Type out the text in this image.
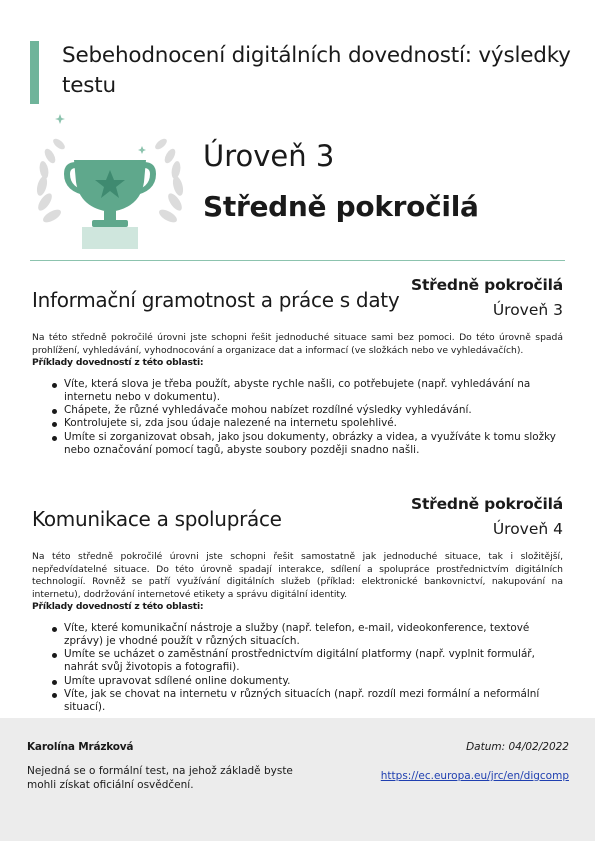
Sebehodnocení digitálních dovedností: výsledky testu
Úroveň 3
Středně pokročilá
Informační gramotnost a práce s daty
Středně pokročilá
Úroveň 3

Na této středně pokročilé úrovni jste schopni řešit jednoduché situace sami bez pomoci. Do této úrovně spadá prohlížení, vyhledávání, vyhodnocování a organizace dat a informací (ve složkách nebo ve vyhledávačích).

Příklady dovedností z této oblasti:

Víte, která slova je třeba použít, abyste rychle našli, co potřebujete (např. vyhledávání na internetu nebo v dokumentu).
Chápete, že různé vyhledávače mohou nabízet rozdílné výsledky vyhledávání.
Kontrolujete si, zda jsou údaje nalezené na internetu spolehlivé.
Umíte si zorganizovat obsah, jako jsou dokumenty, obrázky a videa, a využíváte k tomu složky nebo označování pomocí tagů, abyste soubory později snadno našli.
Komunikace a spolupráce
Středně pokročilá
Úroveň 4

Na této středně pokročilé úrovni jste schopni řešit samostatně jak jednoduché situace, tak i složitější, nepředvídatelné situace. Do této úrovně spadají interakce, sdílení a spolupráce prostřednictvím digitálních technologií. Rovněž se patří využívání digitálních služeb (příklad: elektronické bankovnictví, nakupování na internetu), dodržování internetové etikety a správu digitální identity.

Příklady dovedností z této oblasti:

Víte, které komunikační nástroje a služby (např. telefon, e-mail, videokonference, textové zprávy) je vhodné použít v různých situacích.
Umíte se ucházet o zaměstnání prostřednictvím digitální platformy (např. vyplnit formulář, nahrát svůj životopis a fotografii).
Umíte upravovat sdílené online dokumenty.
Víte, jak se chovat na internetu v různých situacích (např. rozdíl mezi formální a neformální situací).
Karolína Mrázková	Datum: 04/02/2022
Nejedná se o formální test, na jehož základě byste mohli získat oficiální osvědčení.
https://ec.europa.eu/jrc/en/digcomp
